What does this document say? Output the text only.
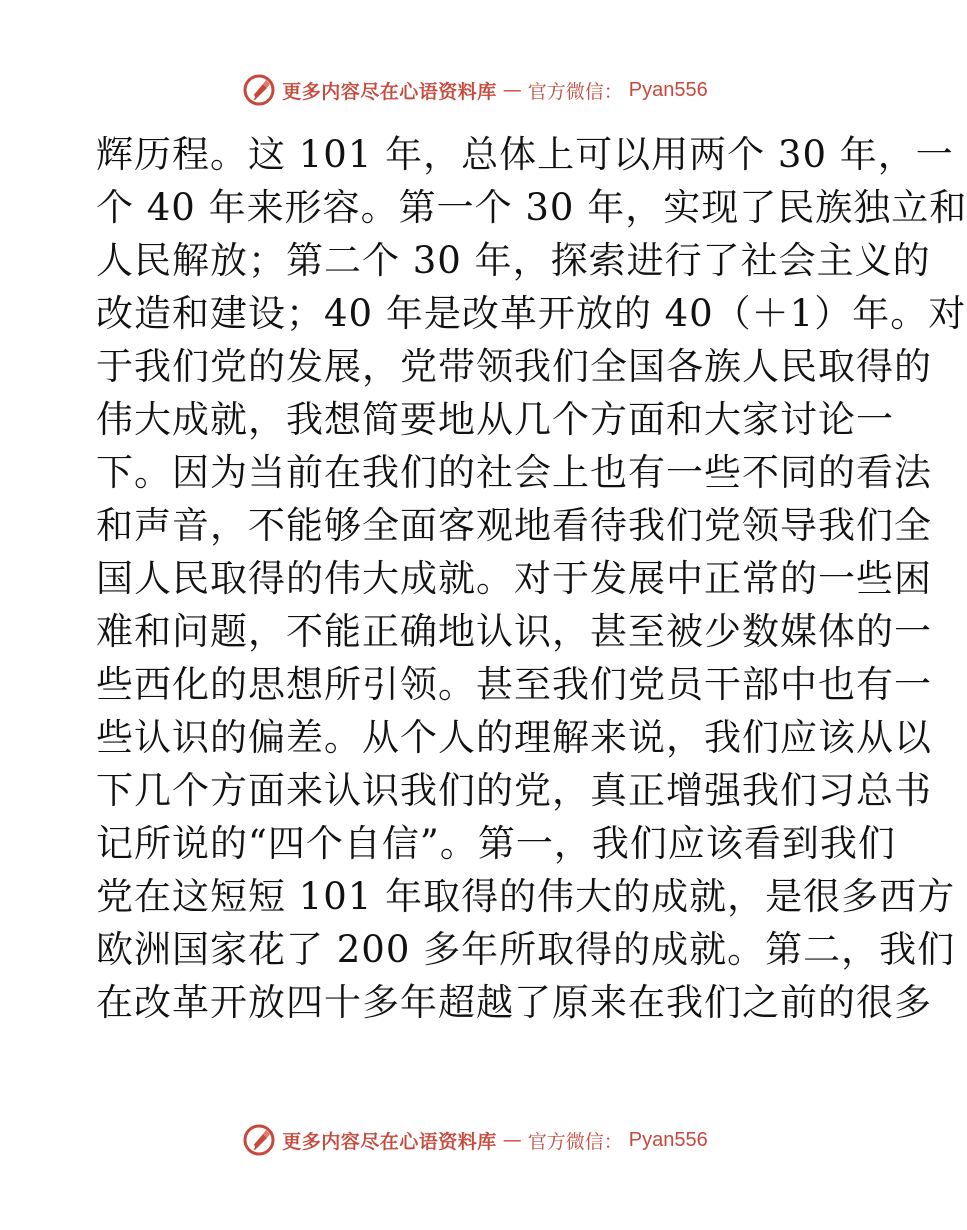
更多内容尽在心语资料库 — 官方微信： Pyan556
辉历程。这 101 年，总体上可以用两个 30 年，一
个 40 年来形容。第一个 30 年，实现了民族独立和
人民解放；第二个 30 年，探索进行了社会主义的
改造和建设；40 年是改革开放的 40（＋1）年。对
于我们党的发展，党带领我们全国各族人民取得的
伟大成就，我想简要地从几个方面和大家讨论一
下。因为当前在我们的社会上也有一些不同的看法
和声音，不能够全面客观地看待我们党领导我们全
国人民取得的伟大成就。对于发展中正常的一些困
难和问题，不能正确地认识，甚至被少数媒体的一
些西化的思想所引领。甚至我们党员干部中也有一
些认识的偏差。从个人的理解来说，我们应该从以
下几个方面来认识我们的党，真正增强我们习总书
记所说的“四个自信”。第一，我们应该看到我们
党在这短短 101 年取得的伟大的成就，是很多西方
欧洲国家花了 200 多年所取得的成就。第二，我们
在改革开放四十多年超越了原来在我们之前的很多
更多内容尽在心语资料库 — 官方微信： Pyan556
